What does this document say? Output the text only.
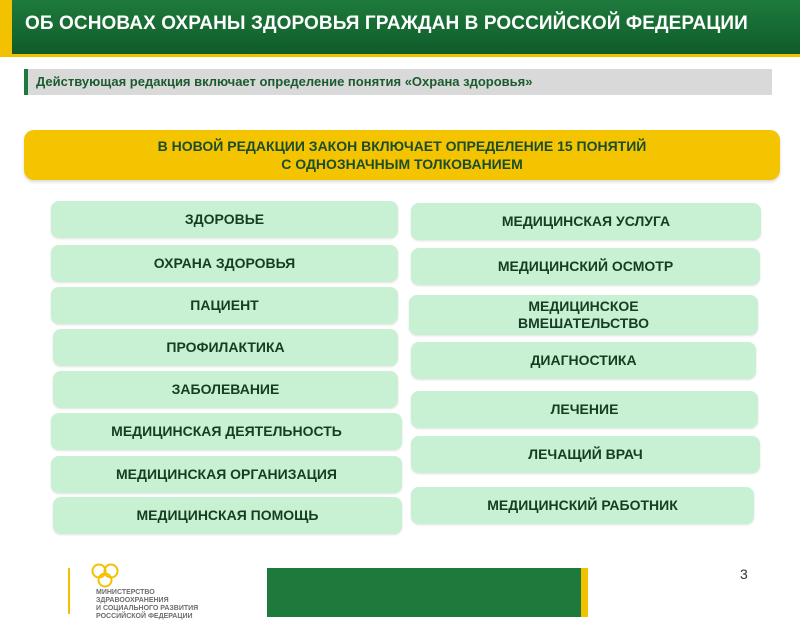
ОБ ОСНОВАХ ОХРАНЫ ЗДОРОВЬЯ ГРАЖДАН В РОССИЙСКОЙ ФЕДЕРАЦИИ
Действующая редакция включает определение понятия «Охрана здоровья»
В НОВОЙ РЕДАКЦИИ ЗАКОН ВКЛЮЧАЕТ ОПРЕДЕЛЕНИЕ 15 ПОНЯТИЙ
С ОДНОЗНАЧНЫМ ТОЛКОВАНИЕМ
ЗДОРОВЬЕ
ОХРАНА ЗДОРОВЬЯ
ПАЦИЕНТ
ПРОФИЛАКТИКА
ЗАБОЛЕВАНИЕ
МЕДИЦИНСКАЯ ДЕЯТЕЛЬНОСТЬ
МЕДИЦИНСКАЯ ОРГАНИЗАЦИЯ
МЕДИЦИНСКАЯ ПОМОЩЬ
МЕДИЦИНСКАЯ УСЛУГА
МЕДИЦИНСКИЙ ОСМОТР
МЕДИЦИНСКОЕ ВМЕШАТЕЛЬСТВО
ДИАГНОСТИКА
ЛЕЧЕНИЕ
ЛЕЧАЩИЙ ВРАЧ
МЕДИЦИНСКИЙ РАБОТНИК
3
МИНИСТЕРСТВО
ЗДРАВООХРАНЕНИЯ
И СОЦИАЛЬНОГО РАЗВИТИЯ
РОССИЙСКОЙ ФЕДЕРАЦИИ
